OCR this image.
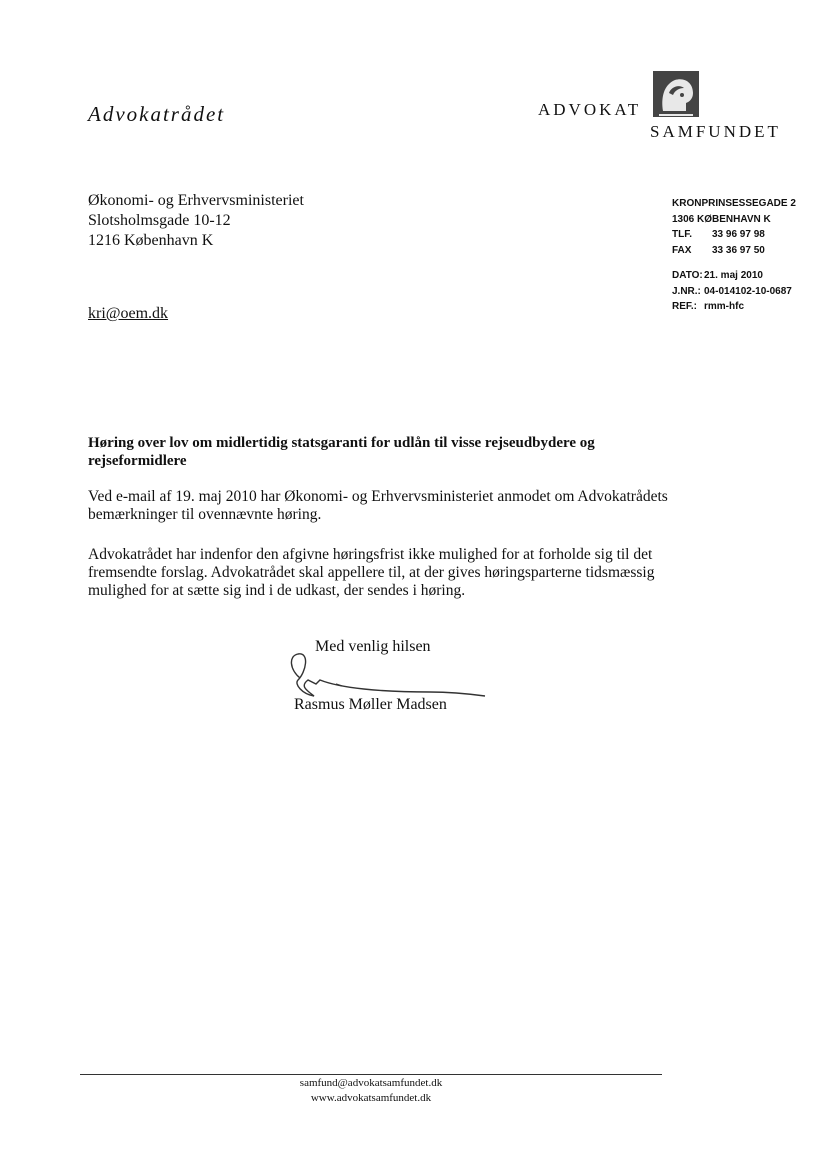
Advokatrådet	ADVOKAT
SAMFUNDET
Økonomi- og Erhvervsministeriet
Slotsholmsgade 10-12
1216 København K
kri@oem.dk
KRONPRINSESSEGADE 2
1306 KØBENHAVN K
TLF.	33 96 97 98
FAX	33 36 97 50
DATO: 21. maj 2010
J.NR.: 04-014102-10-0687
REF.: rmm-hfc
Høring over lov om midlertidig statsgaranti for udlån til visse rejseudbydere og rejseformidlere
Ved e-mail af 19. maj 2010 har Økonomi- og Erhvervsministeriet anmodet om Advokatrådets bemærkninger til ovennævnte høring.
Advokatrådet har indenfor den afgivne høringsfrist ikke mulighed for at forholde sig til det fremsendte forslag. Advokatrådet skal appellere til, at der gives høringsparterne tidsmæssig mulighed for at sætte sig ind i de udkast, der sendes i høring.
Med venlig hilsen
Rasmus Møller Madsen
samfund@advokatsamfundet.dk
www.advokatsamfundet.dk
